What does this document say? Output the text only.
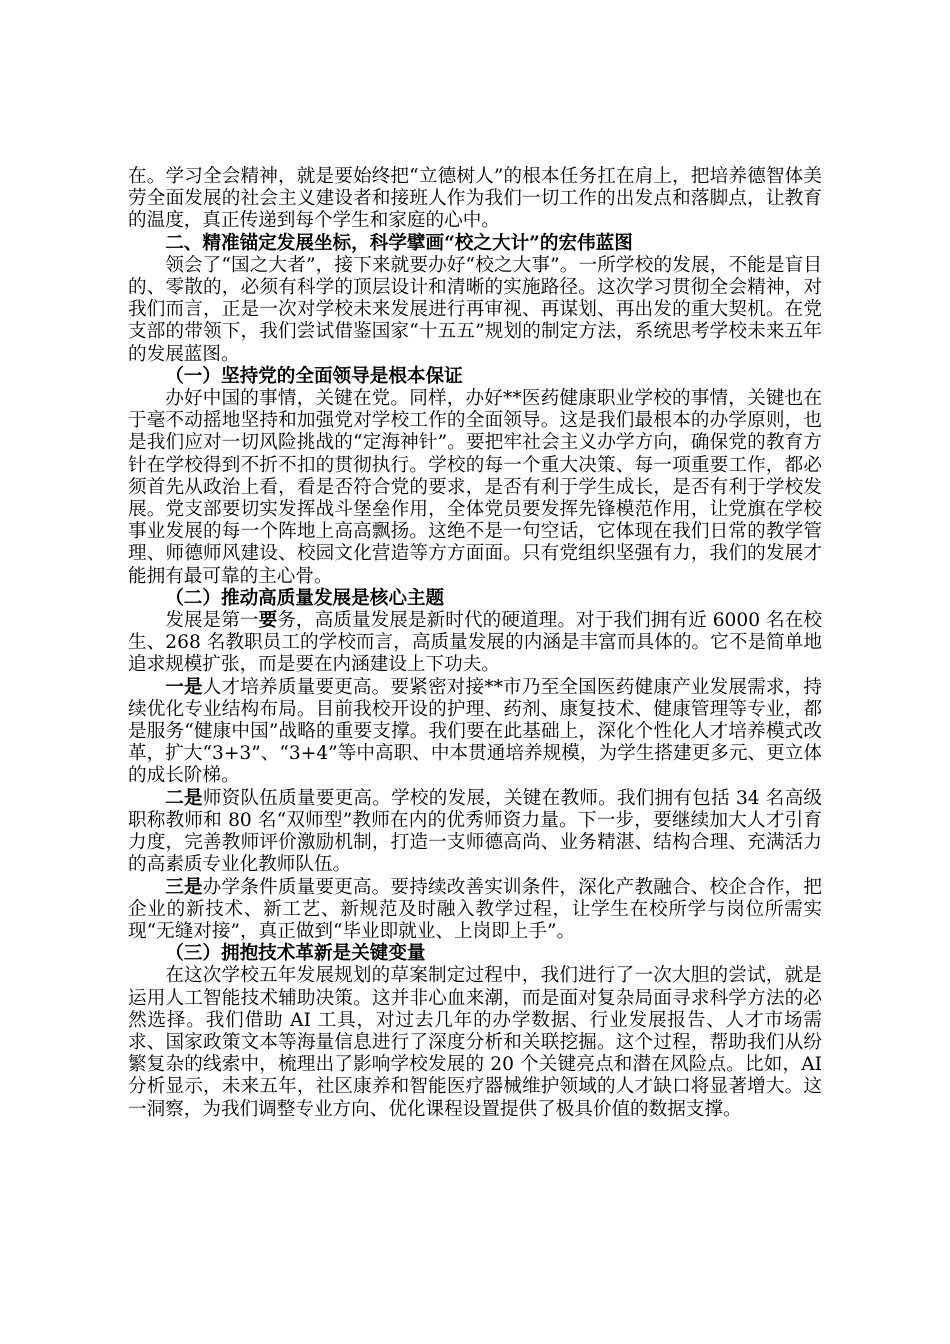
在。学习全会精神，就是要始终把“立德树人”的根本任务扛在肩上，把培养德智体美劳全面发展的社会主义建设者和接班人作为我们一切工作的出发点和落脚点，让教育的温度，真正传递到每个学生和家庭的心中。

二、精准锚定发展坐标，科学擘画“校之大计”的宏伟蓝图

领会了“国之大者”，接下来就要办好“校之大事”。一所学校的发展，不能是盲目的、零散的，必须有科学的顶层设计和清晰的实施路径。这次学习贯彻全会精神，对我们而言，正是一次对学校未来发展进行再审视、再谋划、再出发的重大契机。在党支部的带领下，我们尝试借鉴国家“十五五”规划的制定方法，系统思考学校未来五年的发展蓝图。

（一）坚持党的全面领导是根本保证

办好中国的事情，关键在党。同样，办好**医药健康职业学校的事情，关键也在于毫不动摇地坚持和加强党对学校工作的全面领导。这是我们最根本的办学原则，也是我们应对一切风险挑战的“定海神针”。要把牢社会主义办学方向，确保党的教育方针在学校得到不折不扣的贯彻执行。学校的每一个重大决策、每一项重要工作，都必须首先从政治上看，看是否符合党的要求，是否有利于学生成长，是否有利于学校发展。党支部要切实发挥战斗堡垒作用，全体党员要发挥先锋模范作用，让党旗在学校事业发展的每一个阵地上高高飘扬。这绝不是一句空话，它体现在我们日常的教学管理、师德师风建设、校园文化营造等方方面面。只有党组织坚强有力，我们的发展才能拥有最可靠的主心骨。

（二）推动高质量发展是核心主题

发展是第一要务，高质量发展是新时代的硬道理。对于我们拥有近 6000 名在校生、268 名教职员工的学校而言，高质量发展的内涵是丰富而具体的。它不是简单地追求规模扩张，而是要在内涵建设上下功夫。

一是人才培养质量要更高。要紧密对接**市乃至全国医药健康产业发展需求，持续优化专业结构布局。目前我校开设的护理、药剂、康复技术、健康管理等专业，都是服务“健康中国”战略的重要支撑。我们要在此基础上，深化个性化人才培养模式改革，扩大“3+3”、“3+4”等中高职、中本贯通培养规模，为学生搭建更多元、更立体的成长阶梯。

二是师资队伍质量要更高。学校的发展，关键在教师。我们拥有包括 34 名高级职称教师和 80 名“双师型”教师在内的优秀师资力量。下一步，要继续加大人才引育力度，完善教师评价激励机制，打造一支师德高尚、业务精湛、结构合理、充满活力的高素质专业化教师队伍。

三是办学条件质量要更高。要持续改善实训条件，深化产教融合、校企合作，把企业的新技术、新工艺、新规范及时融入教学过程，让学生在校所学与岗位所需实现“无缝对接”，真正做到“毕业即就业、上岗即上手”。

（三）拥抱技术革新是关键变量

在这次学校五年发展规划的草案制定过程中，我们进行了一次大胆的尝试，就是运用人工智能技术辅助决策。这并非心血来潮，而是面对复杂局面寻求科学方法的必然选择。我们借助 AI 工具，对过去几年的办学数据、行业发展报告、人才市场需求、国家政策文本等海量信息进行了深度分析和关联挖掘。这个过程，帮助我们从纷繁复杂的线索中，梳理出了影响学校发展的 20 个关键亮点和潜在风险点。比如，AI 分析显示，未来五年，社区康养和智能医疗器械维护领域的人才缺口将显著增大。这一洞察，为我们调整专业方向、优化课程设置提供了极具价值的数据支撑。
